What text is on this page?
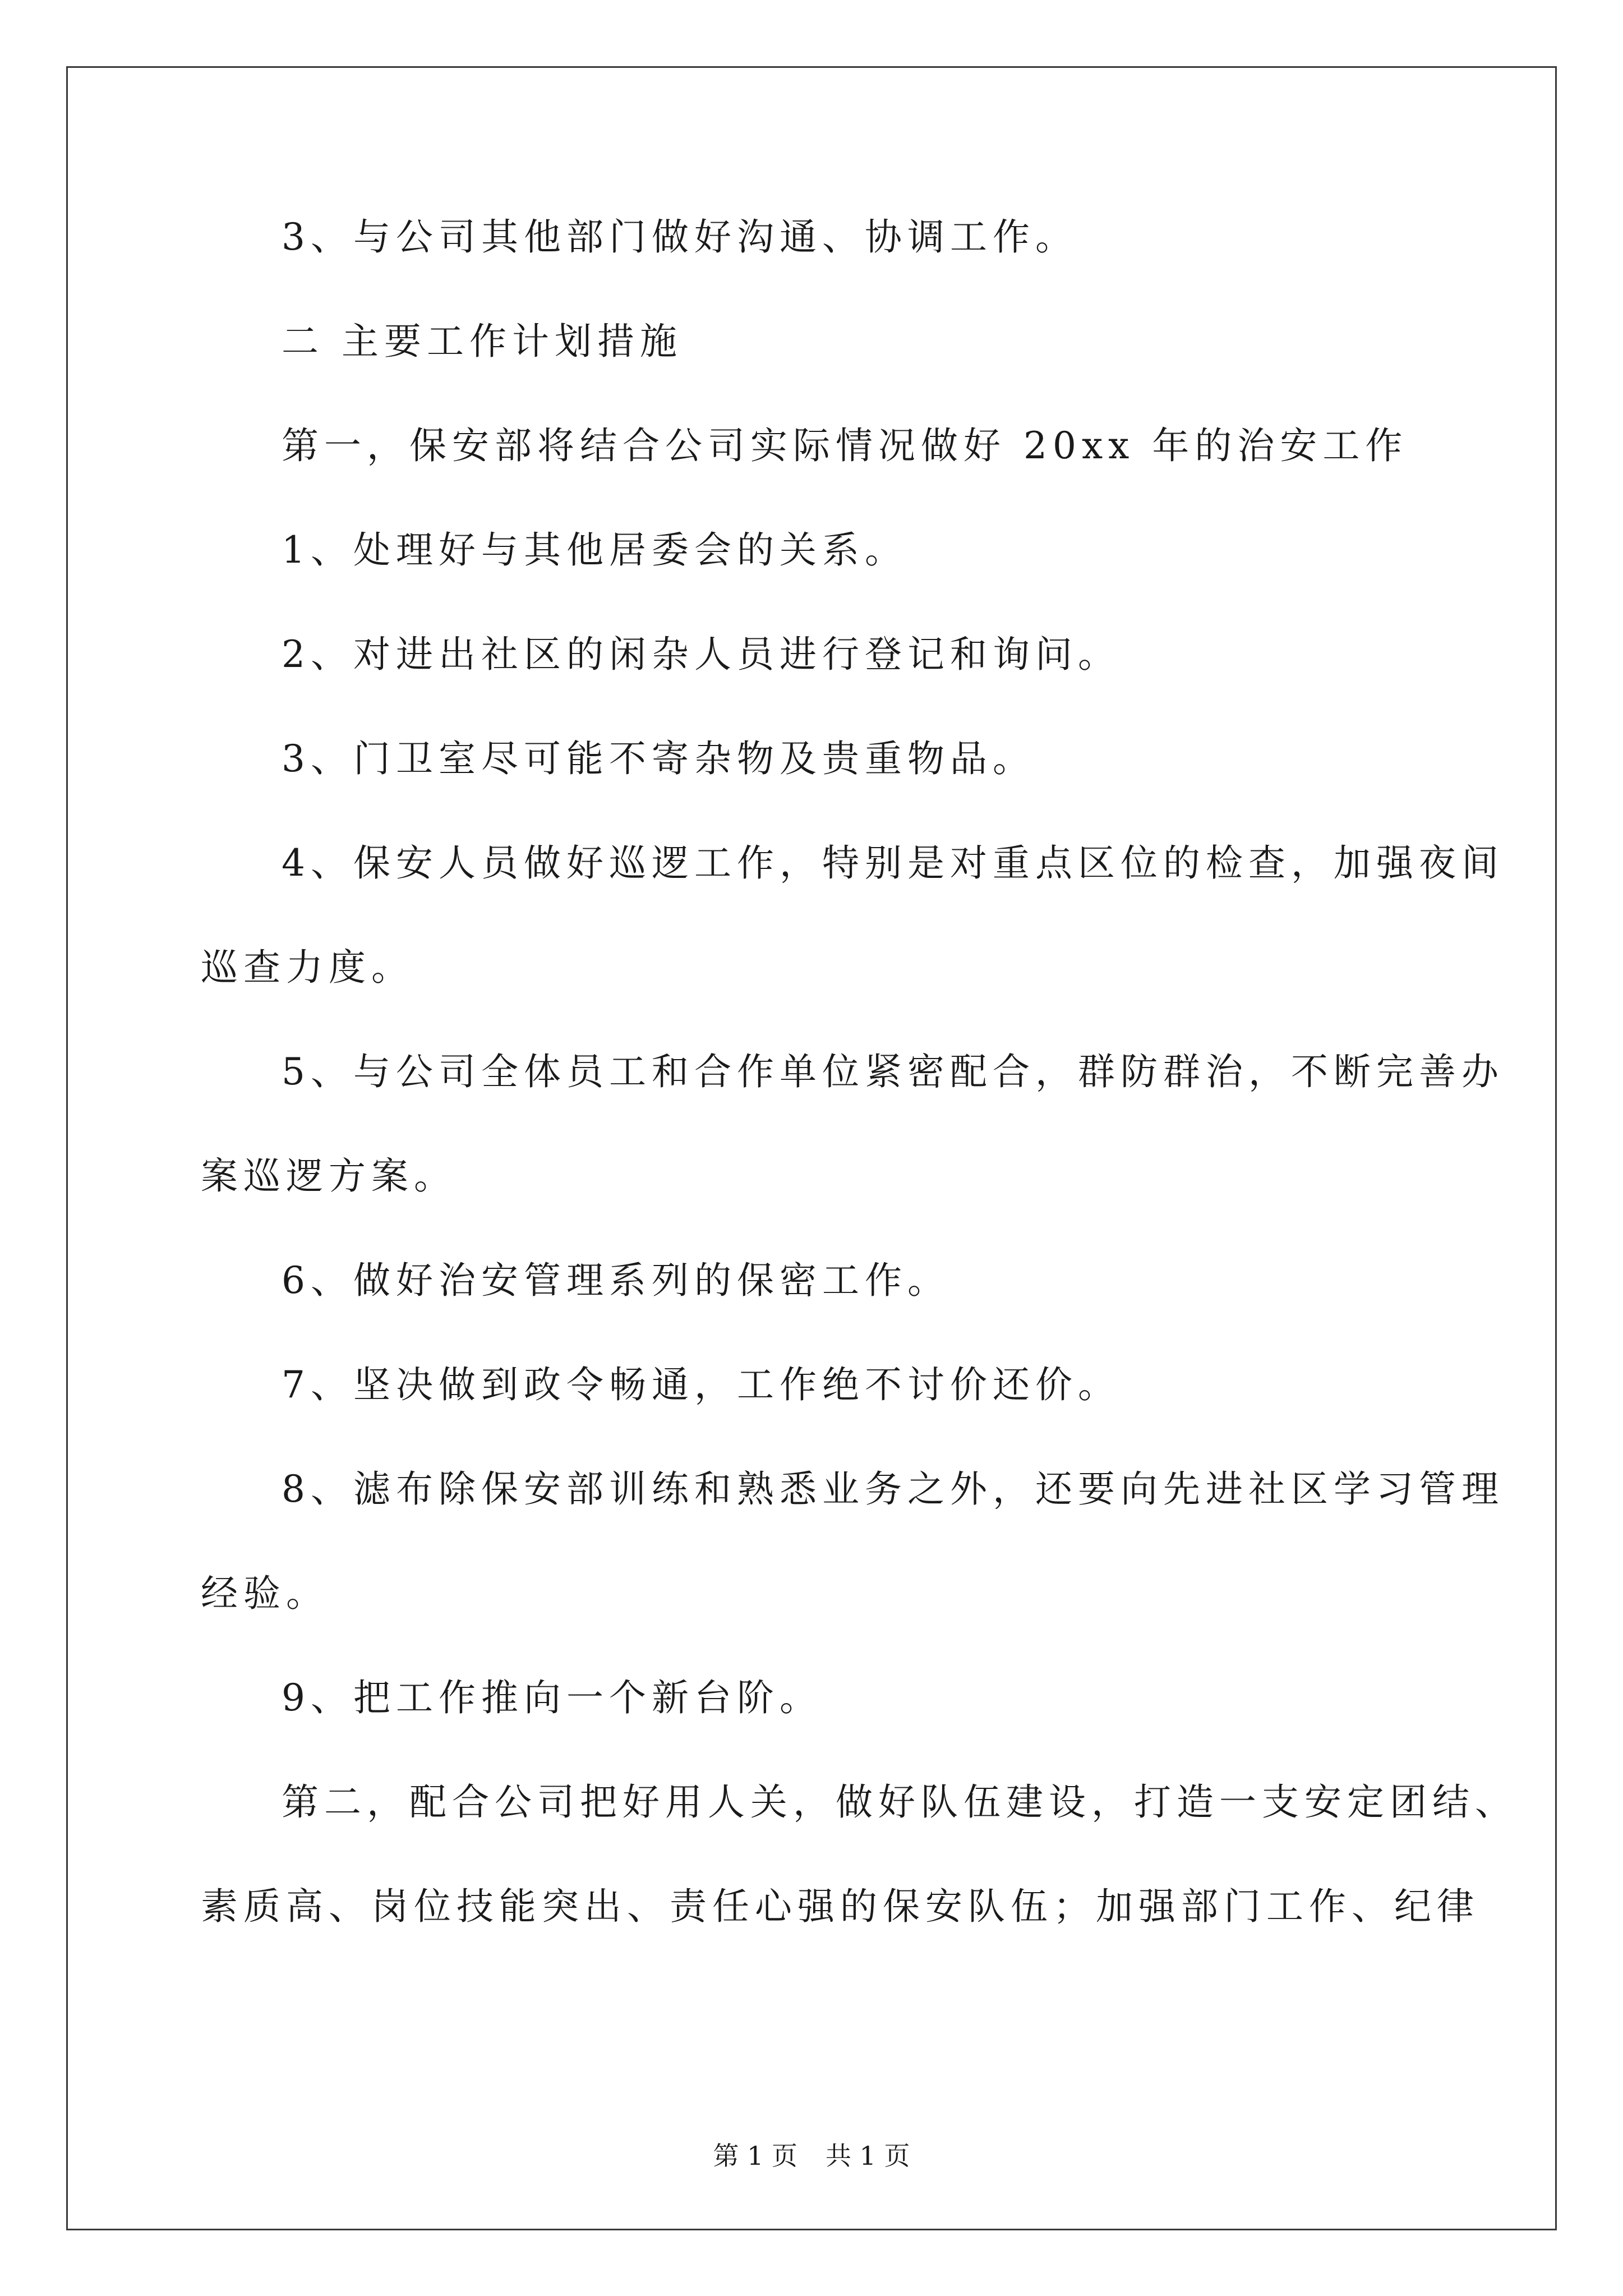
3、与公司其他部门做好沟通、协调工作。

二 主要工作计划措施

第一，保安部将结合公司实际情况做好 20xx 年的治安工作

1、处理好与其他居委会的关系。

2、对进出社区的闲杂人员进行登记和询问。

3、门卫室尽可能不寄杂物及贵重物品。

4、保安人员做好巡逻工作，特别是对重点区位的检查，加强夜间

巡查力度。

5、与公司全体员工和合作单位紧密配合，群防群治，不断完善办

案巡逻方案。

6、做好治安管理系列的保密工作。

7、坚决做到政令畅通，工作绝不讨价还价。

8、滤布除保安部训练和熟悉业务之外，还要向先进社区学习管理

经验。

9、把工作推向一个新台阶。

第二，配合公司把好用人关，做好队伍建设，打造一支安定团结、

素质高、岗位技能突出、责任心强的保安队伍；加强部门工作、纪律

第 1 页 共 1 页
